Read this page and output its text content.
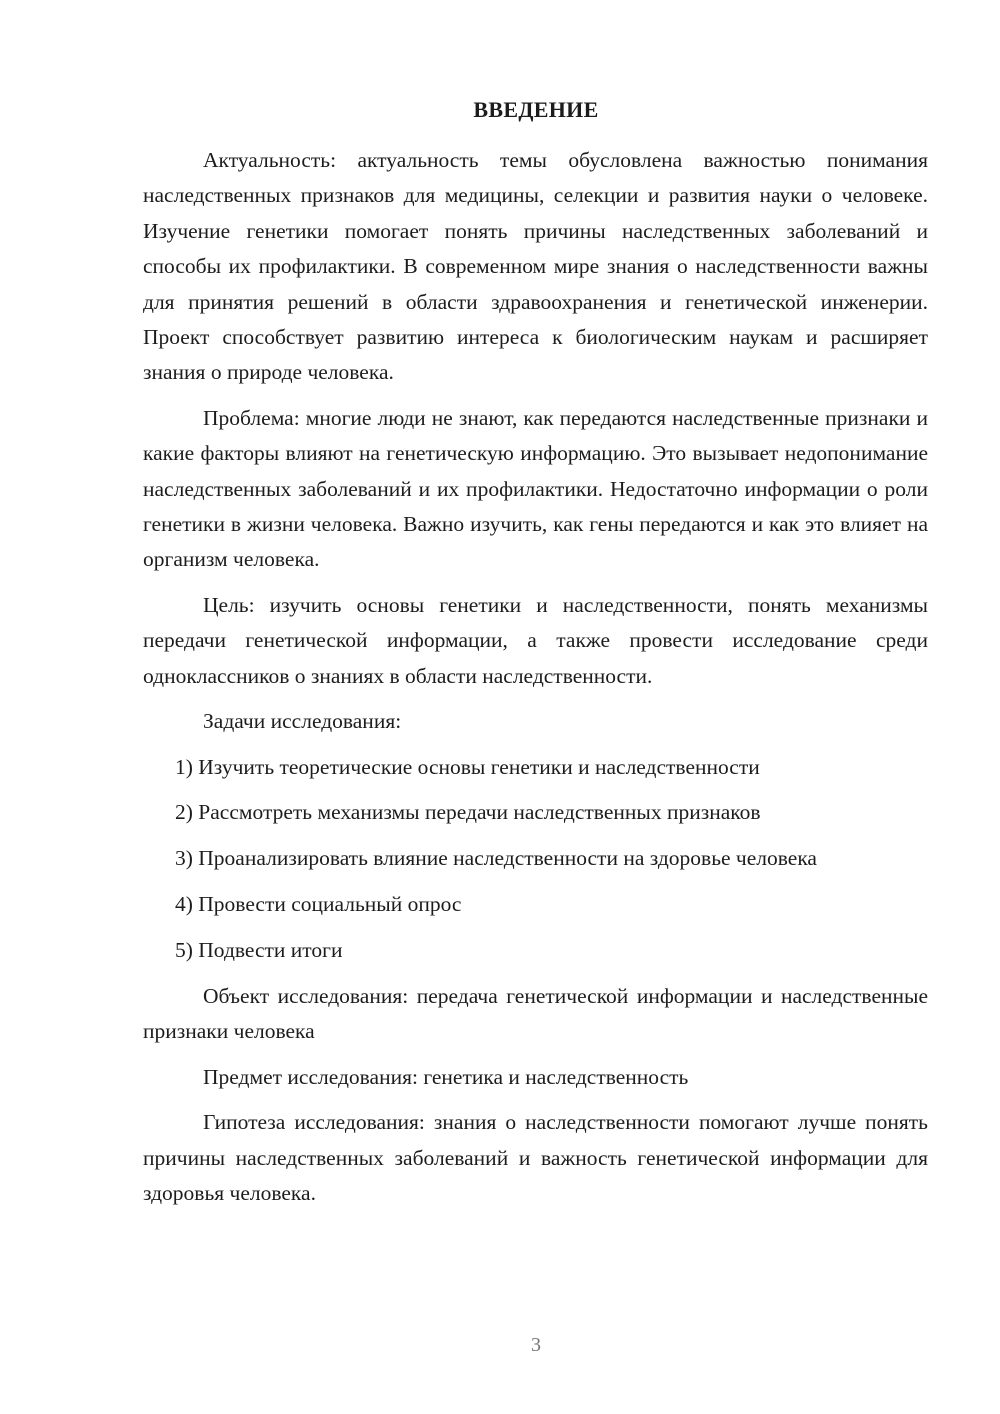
ВВЕДЕНИЕ

Актуальность: актуальность темы обусловлена важностью понимания наследственных признаков для медицины, селекции и развития науки о человеке. Изучение генетики помогает понять причины наследственных заболеваний и способы их профилактики. В современном мире знания о наследственности важны для принятия решений в области здравоохранения и генетической инженерии. Проект способствует развитию интереса к биологическим наукам и расширяет знания о природе человека.

Проблема: многие люди не знают, как передаются наследственные признаки и какие факторы влияют на генетическую информацию. Это вызывает недопонимание наследственных заболеваний и их профилактики. Недостаточно информации о роли генетики в жизни человека. Важно изучить, как гены передаются и как это влияет на организм человека.

Цель: изучить основы генетики и наследственности, понять механизмы передачи генетической информации, а также провести исследование среди одноклассников о знаниях в области наследственности.

Задачи исследования:

1) Изучить теоретические основы генетики и наследственности
2) Рассмотреть механизмы передачи наследственных признаков
3) Проанализировать влияние наследственности на здоровье человека
4) Провести социальный опрос
5) Подвести итоги

Объект исследования: передача генетической информации и наследственные признаки человека

Предмет исследования: генетика и наследственность

Гипотеза исследования: знания о наследственности помогают лучше понять причины наследственных заболеваний и важность генетической информации для здоровья человека.

3
